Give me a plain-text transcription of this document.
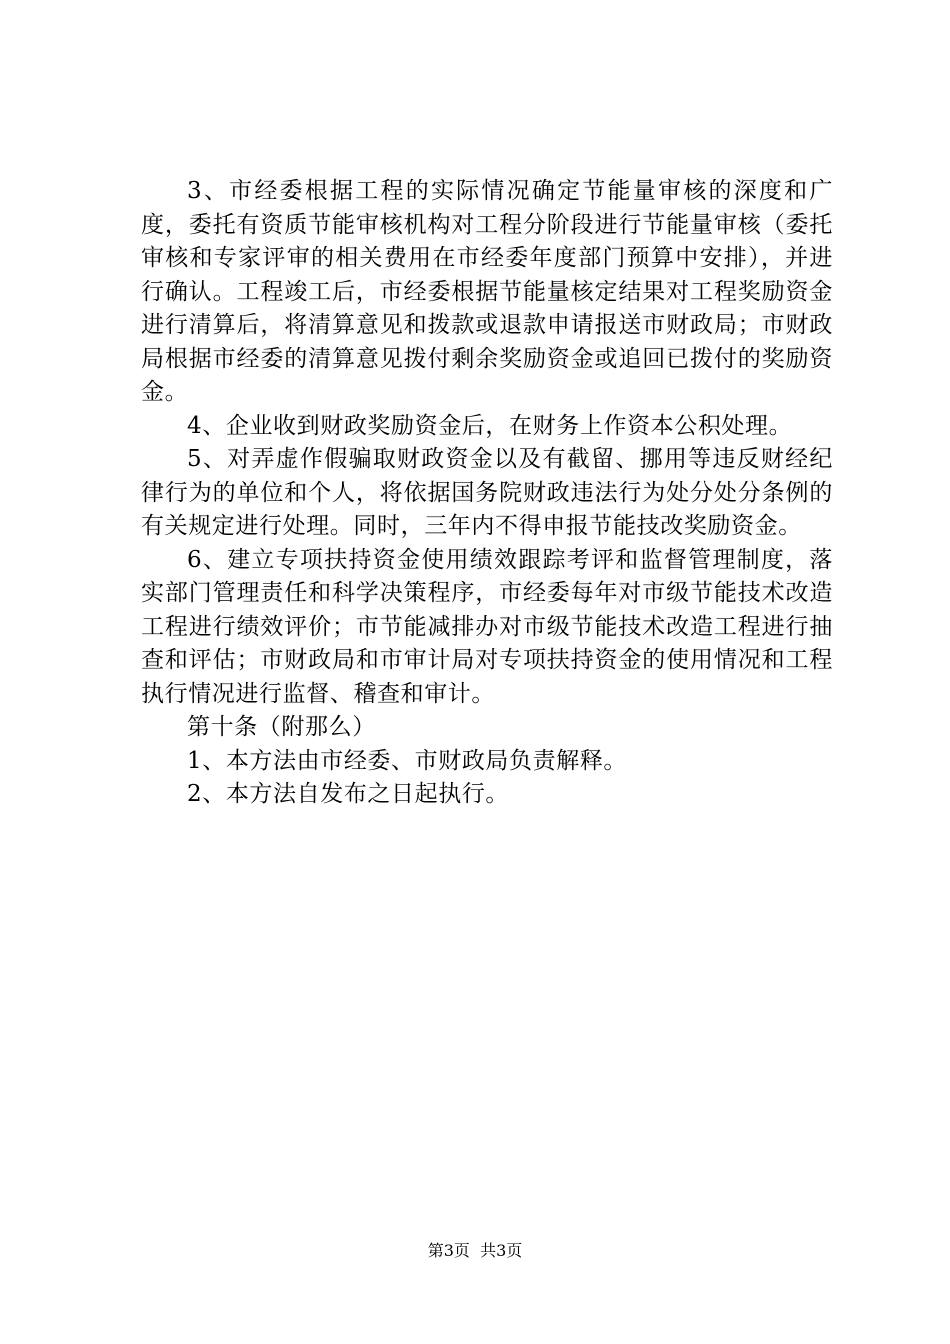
3、市经委根据工程的实际情况确定节能量审核的深度和广度，委托有资质节能审核机构对工程分阶段进行节能量审核（委托审核和专家评审的相关费用在市经委年度部门预算中安排），并进行确认。工程竣工后，市经委根据节能量核定结果对工程奖励资金进行清算后，将清算意见和拨款或退款申请报送市财政局；市财政局根据市经委的清算意见拨付剩余奖励资金或追回已拨付的奖励资金。

4、企业收到财政奖励资金后，在财务上作资本公积处理。

5、对弄虚作假骗取财政资金以及有截留、挪用等违反财经纪律行为的单位和个人，将依据国务院财政违法行为处分处分条例的有关规定进行处理。同时，三年内不得申报节能技改奖励资金。

6、建立专项扶持资金使用绩效跟踪考评和监督管理制度，落实部门管理责任和科学决策程序，市经委每年对市级节能技术改造工程进行绩效评价；市节能减排办对市级节能技术改造工程进行抽查和评估；市财政局和市审计局对专项扶持资金的使用情况和工程执行情况进行监督、稽查和审计。

第十条（附那么）

1、本方法由市经委、市财政局负责解释。

2、本方法自发布之日起执行。

第3页  共3页
